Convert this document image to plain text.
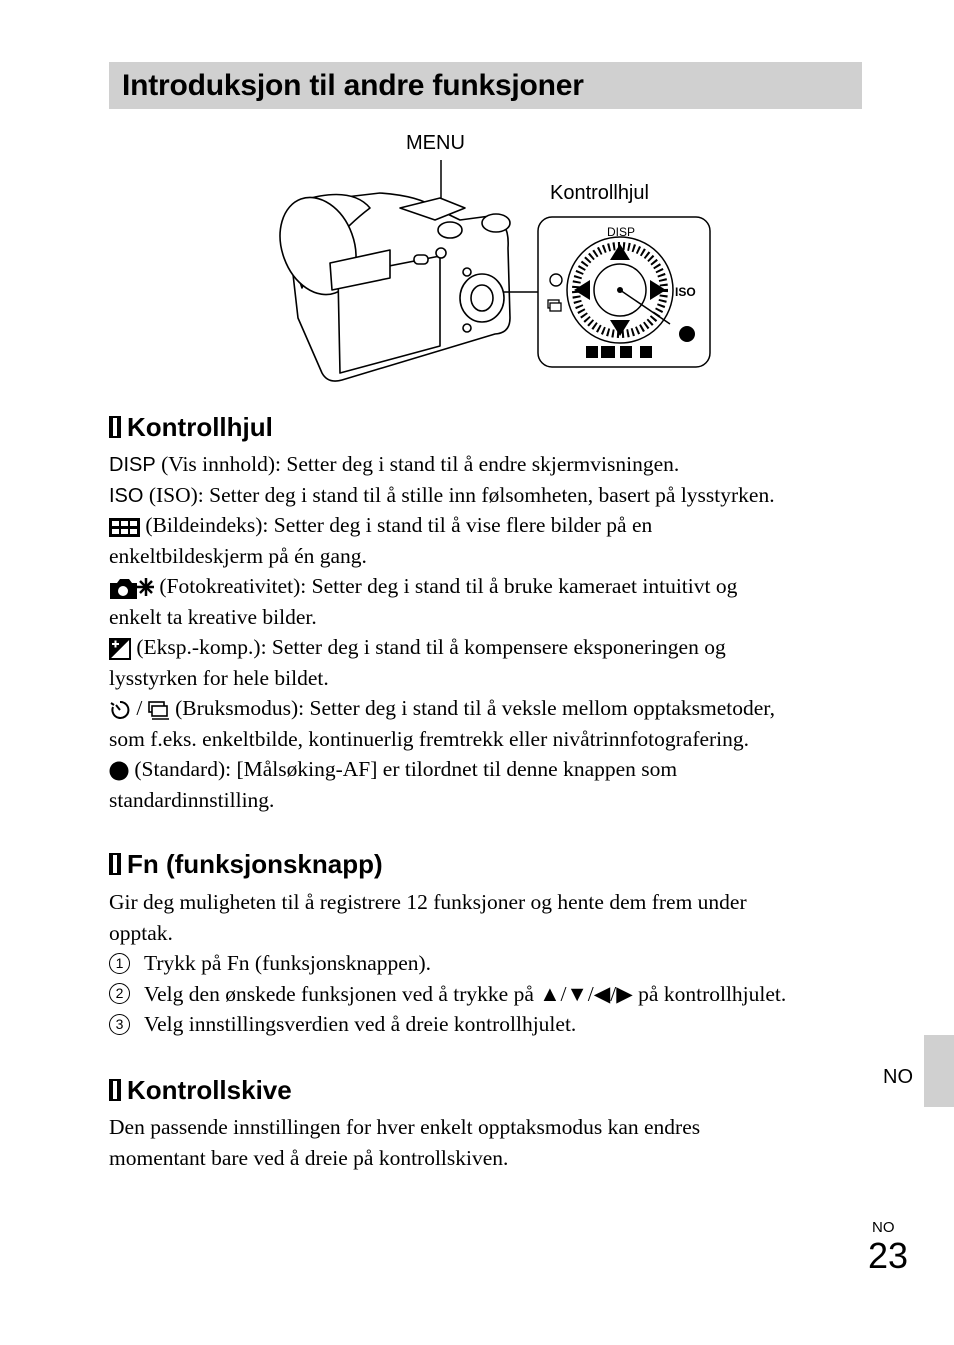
Introduksjon til andre funksjoner
MENU
Kontrollhjul
DISP
ISO
Kontrollhjul
DISP (Vis innhold): Setter deg i stand til å endre skjermvisningen.
ISO (ISO): Setter deg i stand til å stille inn følsomheten, basert på lysstyrken.
(Bildeindeks): Setter deg i stand til å vise flere bilder på en
enkeltbildeskjerm på én gang.
(Fotokreativitet): Setter deg i stand til å bruke kameraet intuitivt og
enkelt ta kreative bilder.
(Eksp.-komp.): Setter deg i stand til å kompensere eksponeringen og
lysstyrken for hele bildet.
/  (Bruksmodus): Setter deg i stand til å veksle mellom opptaksmetoder,
som f.eks. enkeltbilde, kontinuerlig fremtrekk eller nivåtrinnfotografering.
(Standard): [Målsøking-AF] er tilordnet til denne knappen som
standardinnstilling.
Fn (funksjonsknapp)
Gir deg muligheten til å registrere 12 funksjoner og hente dem frem under
opptak.
1 Trykk på Fn (funksjonsknappen).
2 Velg den ønskede funksjonen ved å trykke på ▲/▼/◀/▶ på kontrollhjulet.
3 Velg innstillingsverdien ved å dreie kontrollhjulet.
Kontrollskive
Den passende innstillingen for hver enkelt opptaksmodus kan endres
momentant bare ved å dreie på kontrollskiven.
NO
NO
23
